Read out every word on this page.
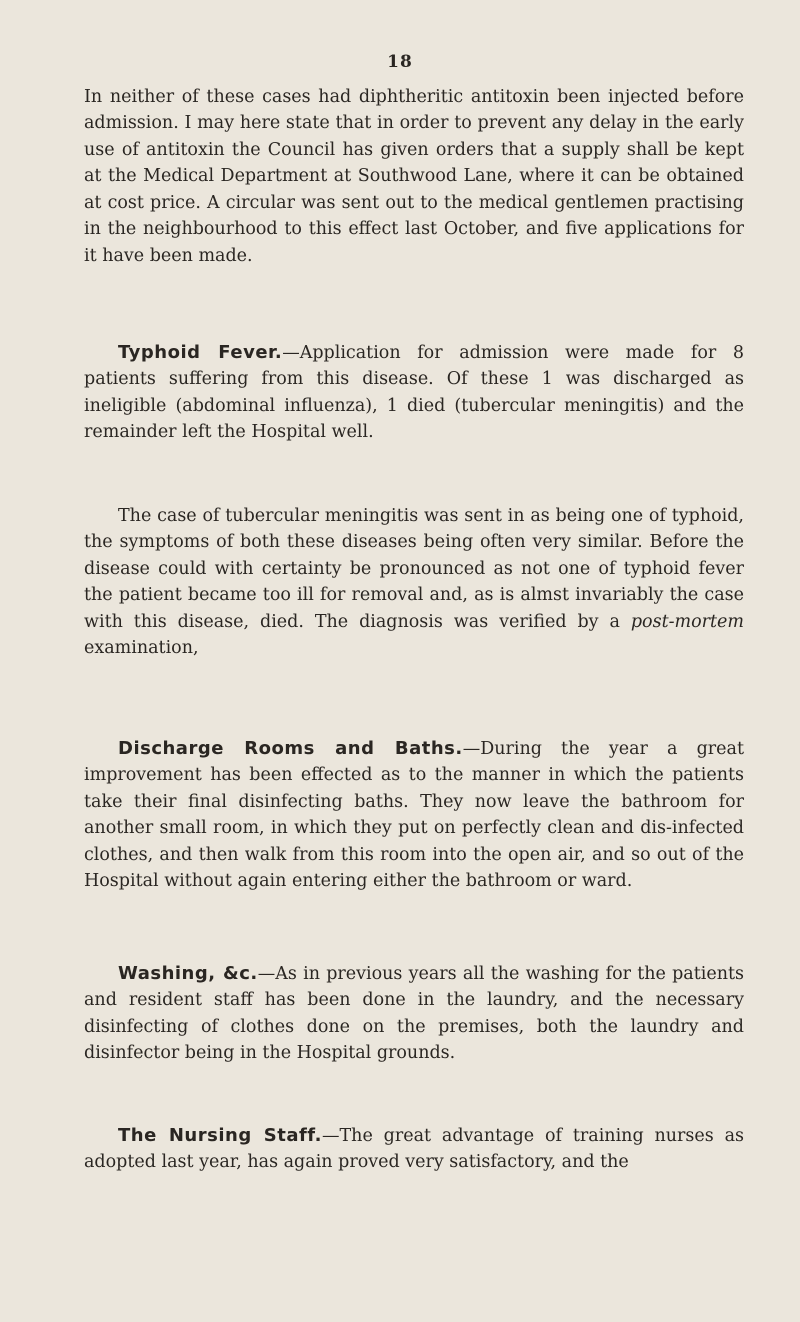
18

In neither of these cases had diphtheritic antitoxin been injected before admission. I may here state that in order to prevent any delay in the early use of antitoxin the Council has given orders that a supply shall be kept at the Medical Department at Southwood Lane, where it can be obtained at cost price. A circular was sent out to the medical gentlemen practising in the neighbourhood to this effect last October, and five applications for it have been made.

Typhoid Fever.—Application for admission were made for 8 patients suffering from this disease. Of these 1 was discharged as ineligible (abdominal influenza), 1 died (tubercular meningitis) and the remainder left the Hospital well.

The case of tubercular meningitis was sent in as being one of typhoid, the symptoms of both these diseases being often very similar. Before the disease could with certainty be pronounced as not one of typhoid fever the patient became too ill for removal and, as is almst invariably the case with this disease, died. The diagnosis was verified by a post-mortem examination,

Discharge Rooms and Baths.—During the year a great improvement has been effected as to the manner in which the patients take their final disinfecting baths. They now leave the bathroom for another small room, in which they put on perfectly clean and dis-infected clothes, and then walk from this room into the open air, and so out of the Hospital without again entering either the bathroom or ward.

Washing, &c.—As in previous years all the washing for the patients and resident staff has been done in the laundry, and the necessary disinfecting of clothes done on the premises, both the laundry and disinfector being in the Hospital grounds.

The Nursing Staff.—The great advantage of training nurses as adopted last year, has again proved very satisfactory, and the
